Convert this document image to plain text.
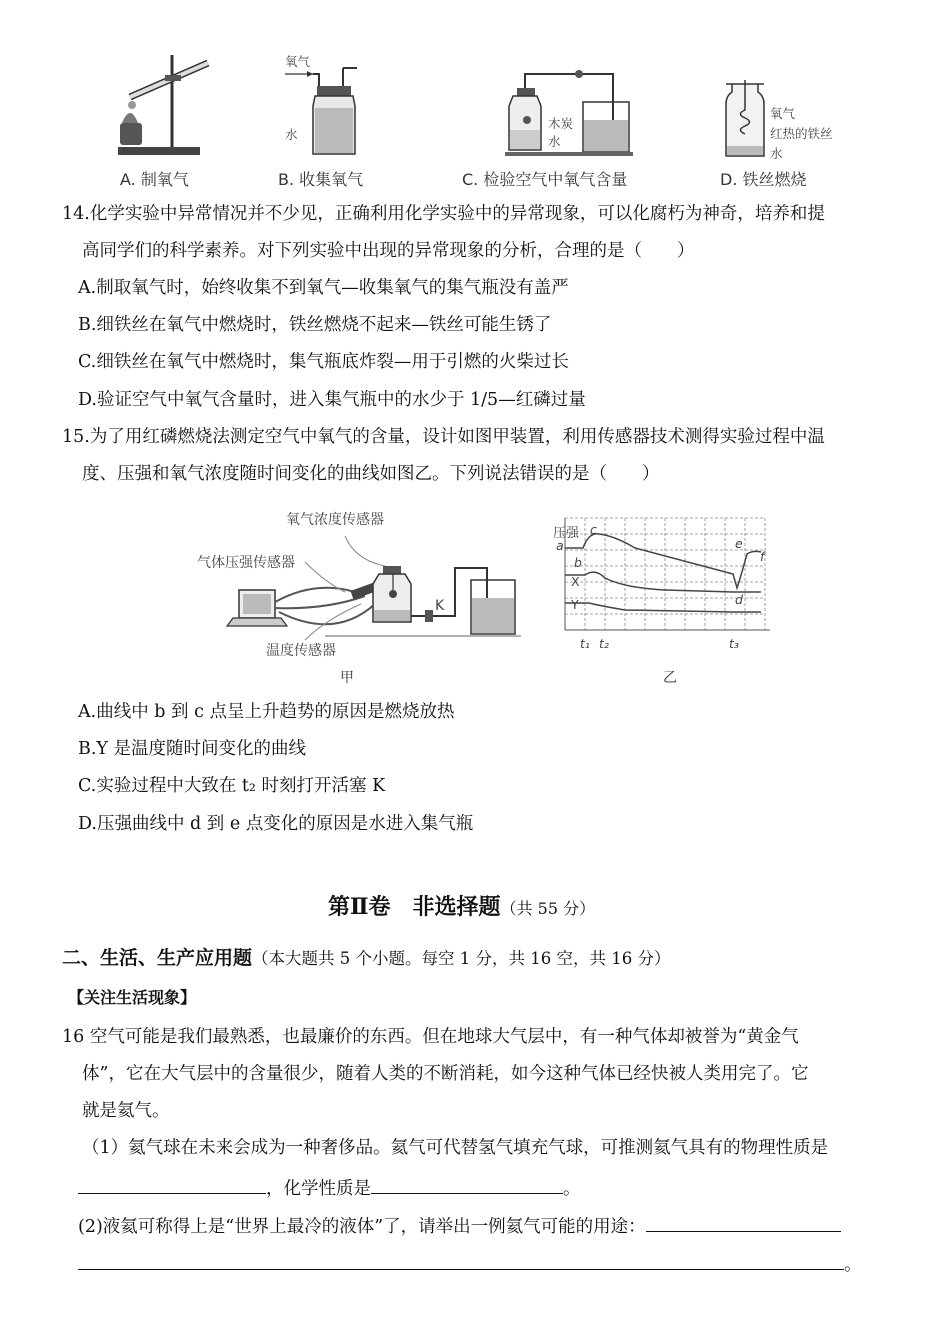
氧气
水
木炭
水
氧气
红热的铁丝
水
A. 制氧气	B. 收集氧气	C. 检验空气中氧气含量	D. 铁丝燃烧
14.化学实验中异常情况并不少见，正确利用化学实验中的异常现象，可以化腐朽为神奇，培养和提
高同学们的科学素养。对下列实验中出现的异常现象的分析，合理的是（　　）
A.制取氧气时，始终收集不到氧气—收集氧气的集气瓶没有盖严
B.细铁丝在氧气中燃烧时，铁丝燃烧不起来—铁丝可能生锈了
C.细铁丝在氧气中燃烧时，集气瓶底炸裂—用于引燃的火柴过长
D.验证空气中氧气含量时，进入集气瓶中的水少于 1/5—红磷过量
15.为了用红磷燃烧法测定空气中氧气的含量，设计如图甲装置，利用传感器技术测得实验过程中温
度、压强和氧气浓度随时间变化的曲线如图乙。下列说法错误的是（　　）
氧气浓度传感器
气体压强传感器
温度传感器
K
甲
压强
a
b
c
X
Y	d
e
f
t₁ t₂	t₃
乙
A.曲线中 b 到 c 点呈上升趋势的原因是燃烧放热
B.Y 是温度随时间变化的曲线
C.实验过程中大致在 t₂ 时刻打开活塞 K
D.压强曲线中 d 到 e 点变化的原因是水进入集气瓶
第Ⅱ卷　非选择题（共 55 分）
二、生活、生产应用题（本大题共 5 个小题。每空 1 分，共 16 空，共 16 分）
【关注生活现象】
16 空气可能是我们最熟悉，也最廉价的东西。但在地球大气层中，有一种气体却被誉为“黄金气
体”，它在大气层中的含量很少，随着人类的不断消耗，如今这种气体已经快被人类用完了。它
就是氦气。
（1）氦气球在未来会成为一种奢侈品。氦气可代替氢气填充气球，可推测氦气具有的物理性质是
，化学性质是	。
(2)液氦可称得上是“世界上最冷的液体”了，请举出一例氦气可能的用途：
。
